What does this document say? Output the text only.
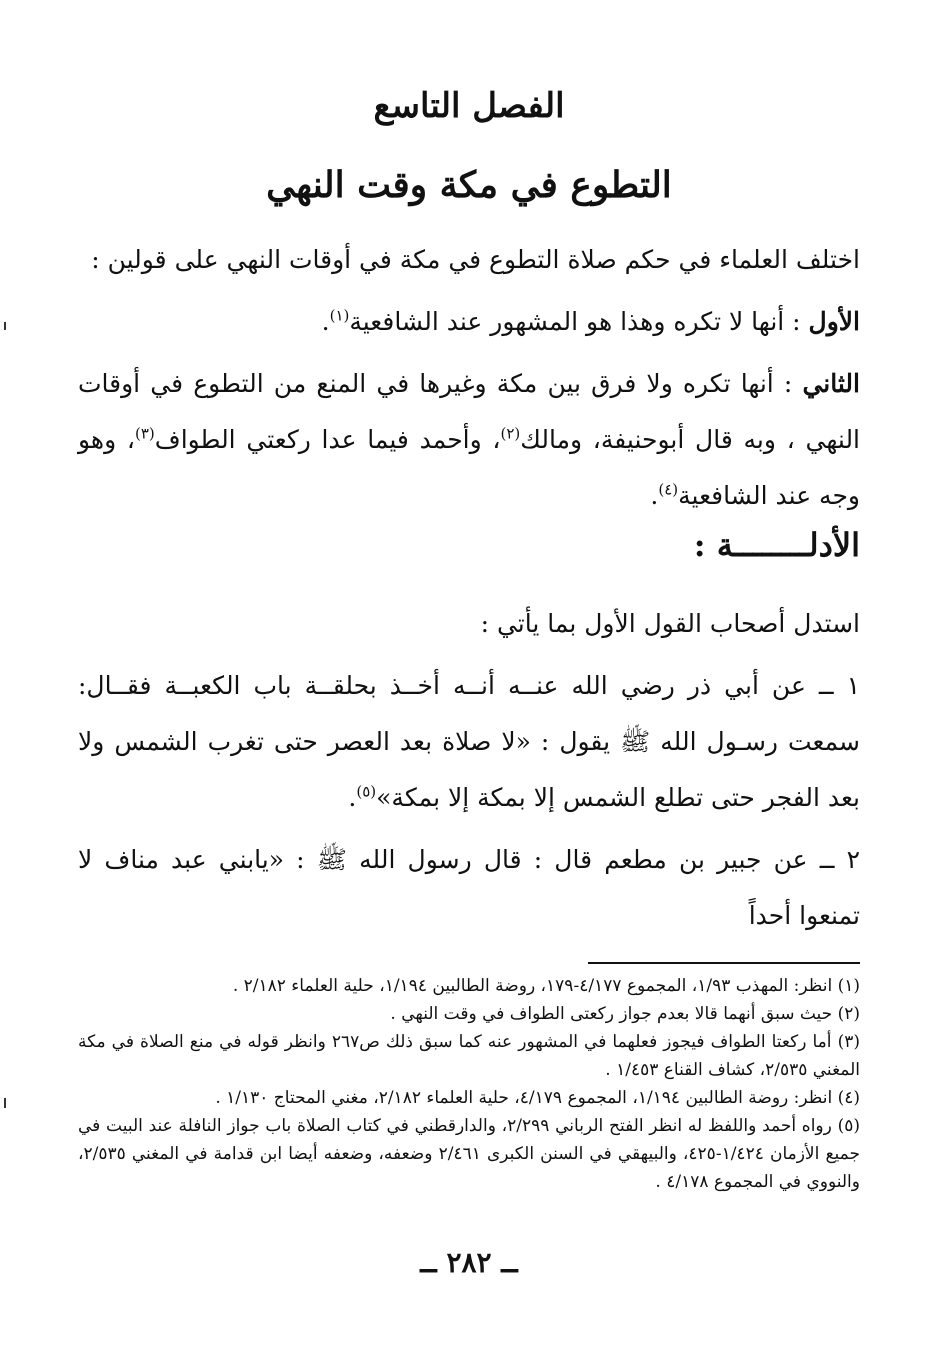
الفصل التاسع
التطوع في مكة وقت النهي

اختلف العلماء في حكم صلاة التطوع في مكة في أوقات النهي على قولين :

الأول : أنها لا تكره وهذا هو المشهور عند الشافعية$^{(١)}$.

الثاني : أنها تكره ولا فرق بين مكة وغيرها في المنع من التطوع في أوقات النهي ، وبه قال أبوحنيفة، ومالك$^{(٢)}$، وأحمد فيما عدا ركعتي الطواف$^{(٣)}$، وهو وجه عند الشافعية$^{(٤)}$.

الأدلــــــــة :

استدل أصحاب القول الأول بما يأتي :

١ ــ عن أبي ذر رضي الله عنــه أنــه أخــذ بحلقــة باب الكعبــة فقــال: سمعت رسـول الله ﷺ يقول : «لا صلاة بعد العصر حتى تغرب الشمس ولا بعد الفجر حتى تطلع الشمس إلا بمكة إلا بمكة»$^{(٥)}$.

٢ ــ عن جبير بن مطعم قال : قال رسول الله ﷺ : «يابني عبد مناف لا تمنعوا أحداً

(١) انظر: المهذب ١/٩٣، المجموع ٤/١٧٧-١٧٩، روضة الطالبين ١/١٩٤، حلية العلماء ٢/١٨٢ .

(٢) حيث سبق أنهما قالا بعدم جواز ركعتى الطواف في وقت النهي .

(٣) أما ركعتا الطواف فيجوز فعلهما في المشهور عنه كما سبق ذلك ص٢٦٧ وانظر قوله في منع الصلاة في مكة المغني ٢/٥٣٥، كشاف القناع ١/٤٥٣ .

(٤) انظر: روضة الطالبين ١/١٩٤، المجموع ٤/١٧٩، حلية العلماء ٢/١٨٢، مغني المحتاج ١/١٣٠ .

(٥) رواه أحمد واللفظ له انظر الفتح الرباني ٢/٢٩٩، والدارقطني في كتاب الصلاة باب جواز النافلة عند البيت في جميع الأزمان ١/٤٢٤-٤٢٥، والبيهقي في السنن الكبرى ٢/٤٦١ وضعفه، وضعفه أيضا ابن قدامة في المغني ٢/٥٣٥، والنووي في المجموع ٤/١٧٨ .

ــ ٢٨٢ ــ
